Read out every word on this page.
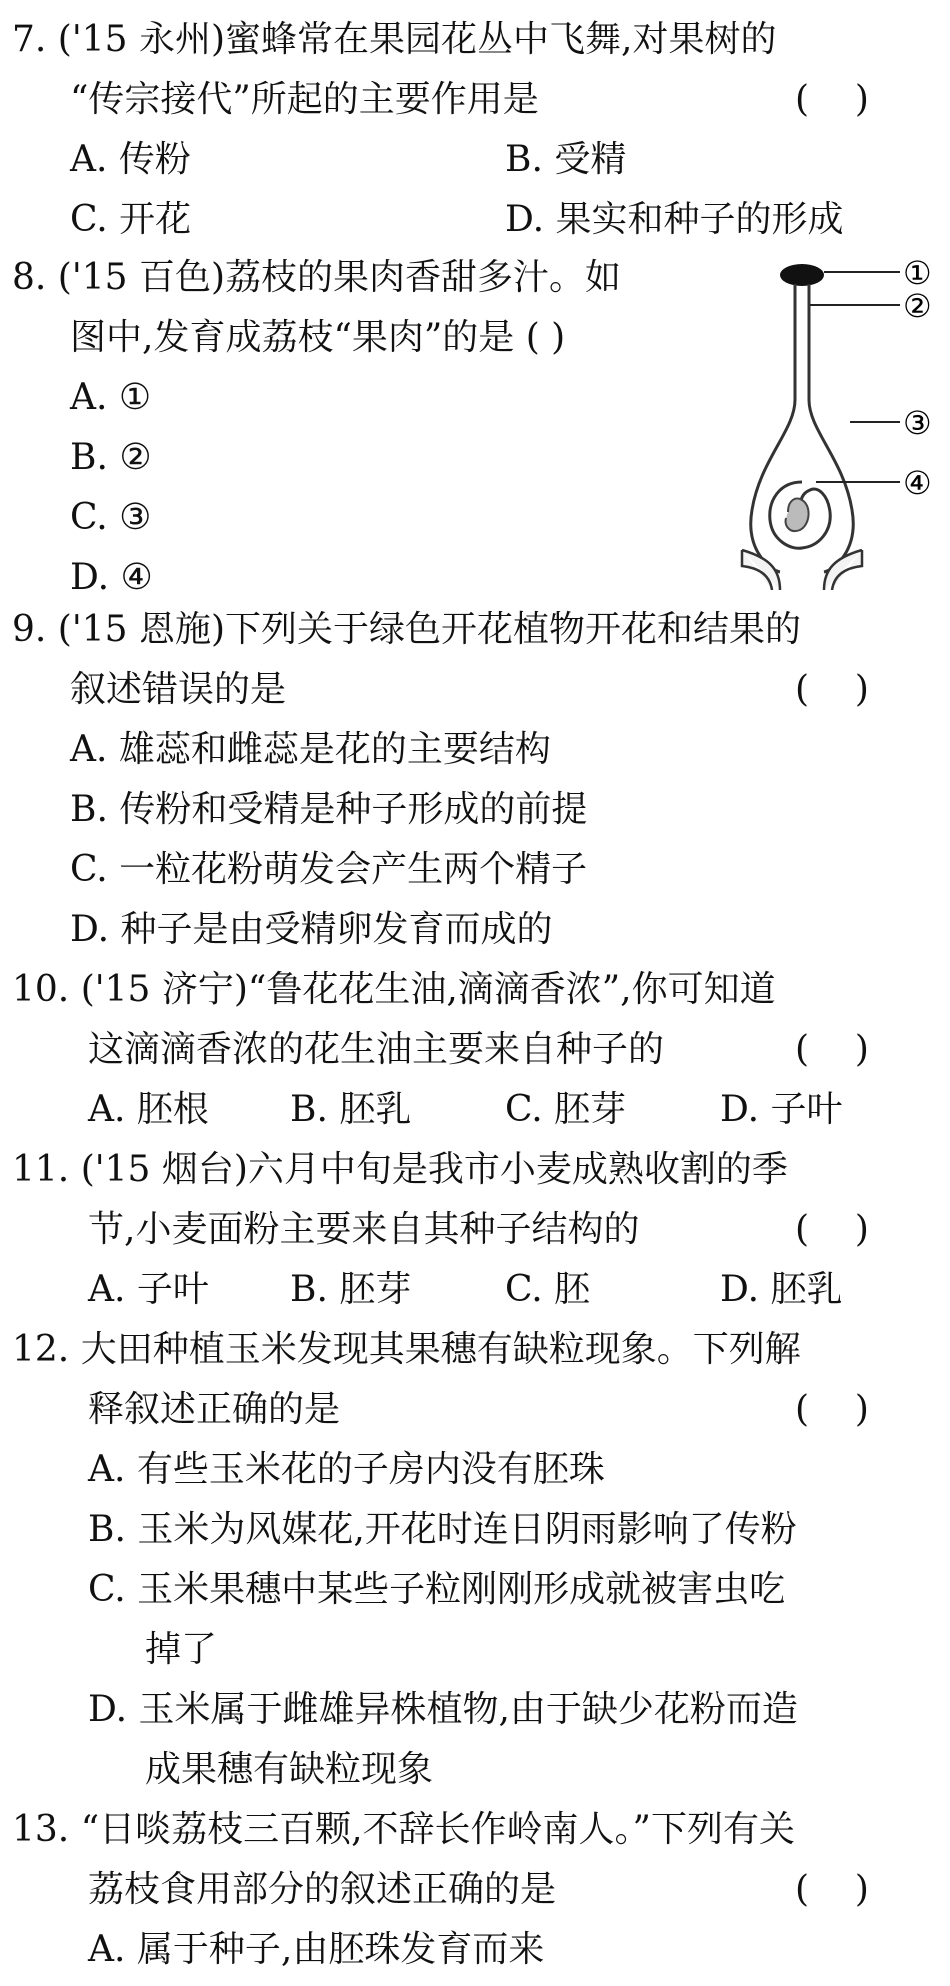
7. ('15 永州)蜜蜂常在果园花丛中飞舞,对果树的
“传宗接代”所起的主要作用是	(    )
A. 传粉	B. 受精
C. 开花	D. 果实和种子的形成
8. ('15 百色)荔枝的果肉香甜多汁。如
图中,发育成荔枝“果肉”的是 ( )
A. ①
B. ②
C. ③
D. ④
①
②
③
④
9. ('15 恩施)下列关于绿色开花植物开花和结果的
叙述错误的是	(    )
A. 雄蕊和雌蕊是花的主要结构
B. 传粉和受精是种子形成的前提
C. 一粒花粉萌发会产生两个精子
D. 种子是由受精卵发育而成的
10. ('15 济宁)“鲁花花生油,滴滴香浓”,你可知道
这滴滴香浓的花生油主要来自种子的	(    )
A. 胚根 B. 胚乳	C. 胚芽	D. 子叶
11. ('15 烟台)六月中旬是我市小麦成熟收割的季
节,小麦面粉主要来自其种子结构的	(    )
A. 子叶 B. 胚芽	C. 胚	D. 胚乳
12. 大田种植玉米发现其果穗有缺粒现象。下列解
释叙述正确的是	(    )
A. 有些玉米花的子房内没有胚珠
B. 玉米为风媒花,开花时连日阴雨影响了传粉
C. 玉米果穗中某些子粒刚刚形成就被害虫吃
掉了
D. 玉米属于雌雄异株植物,由于缺少花粉而造
成果穗有缺粒现象
13. “日啖荔枝三百颗,不辞长作岭南人。”下列有关
荔枝食用部分的叙述正确的是	(    )
A. 属于种子,由胚珠发育而来
